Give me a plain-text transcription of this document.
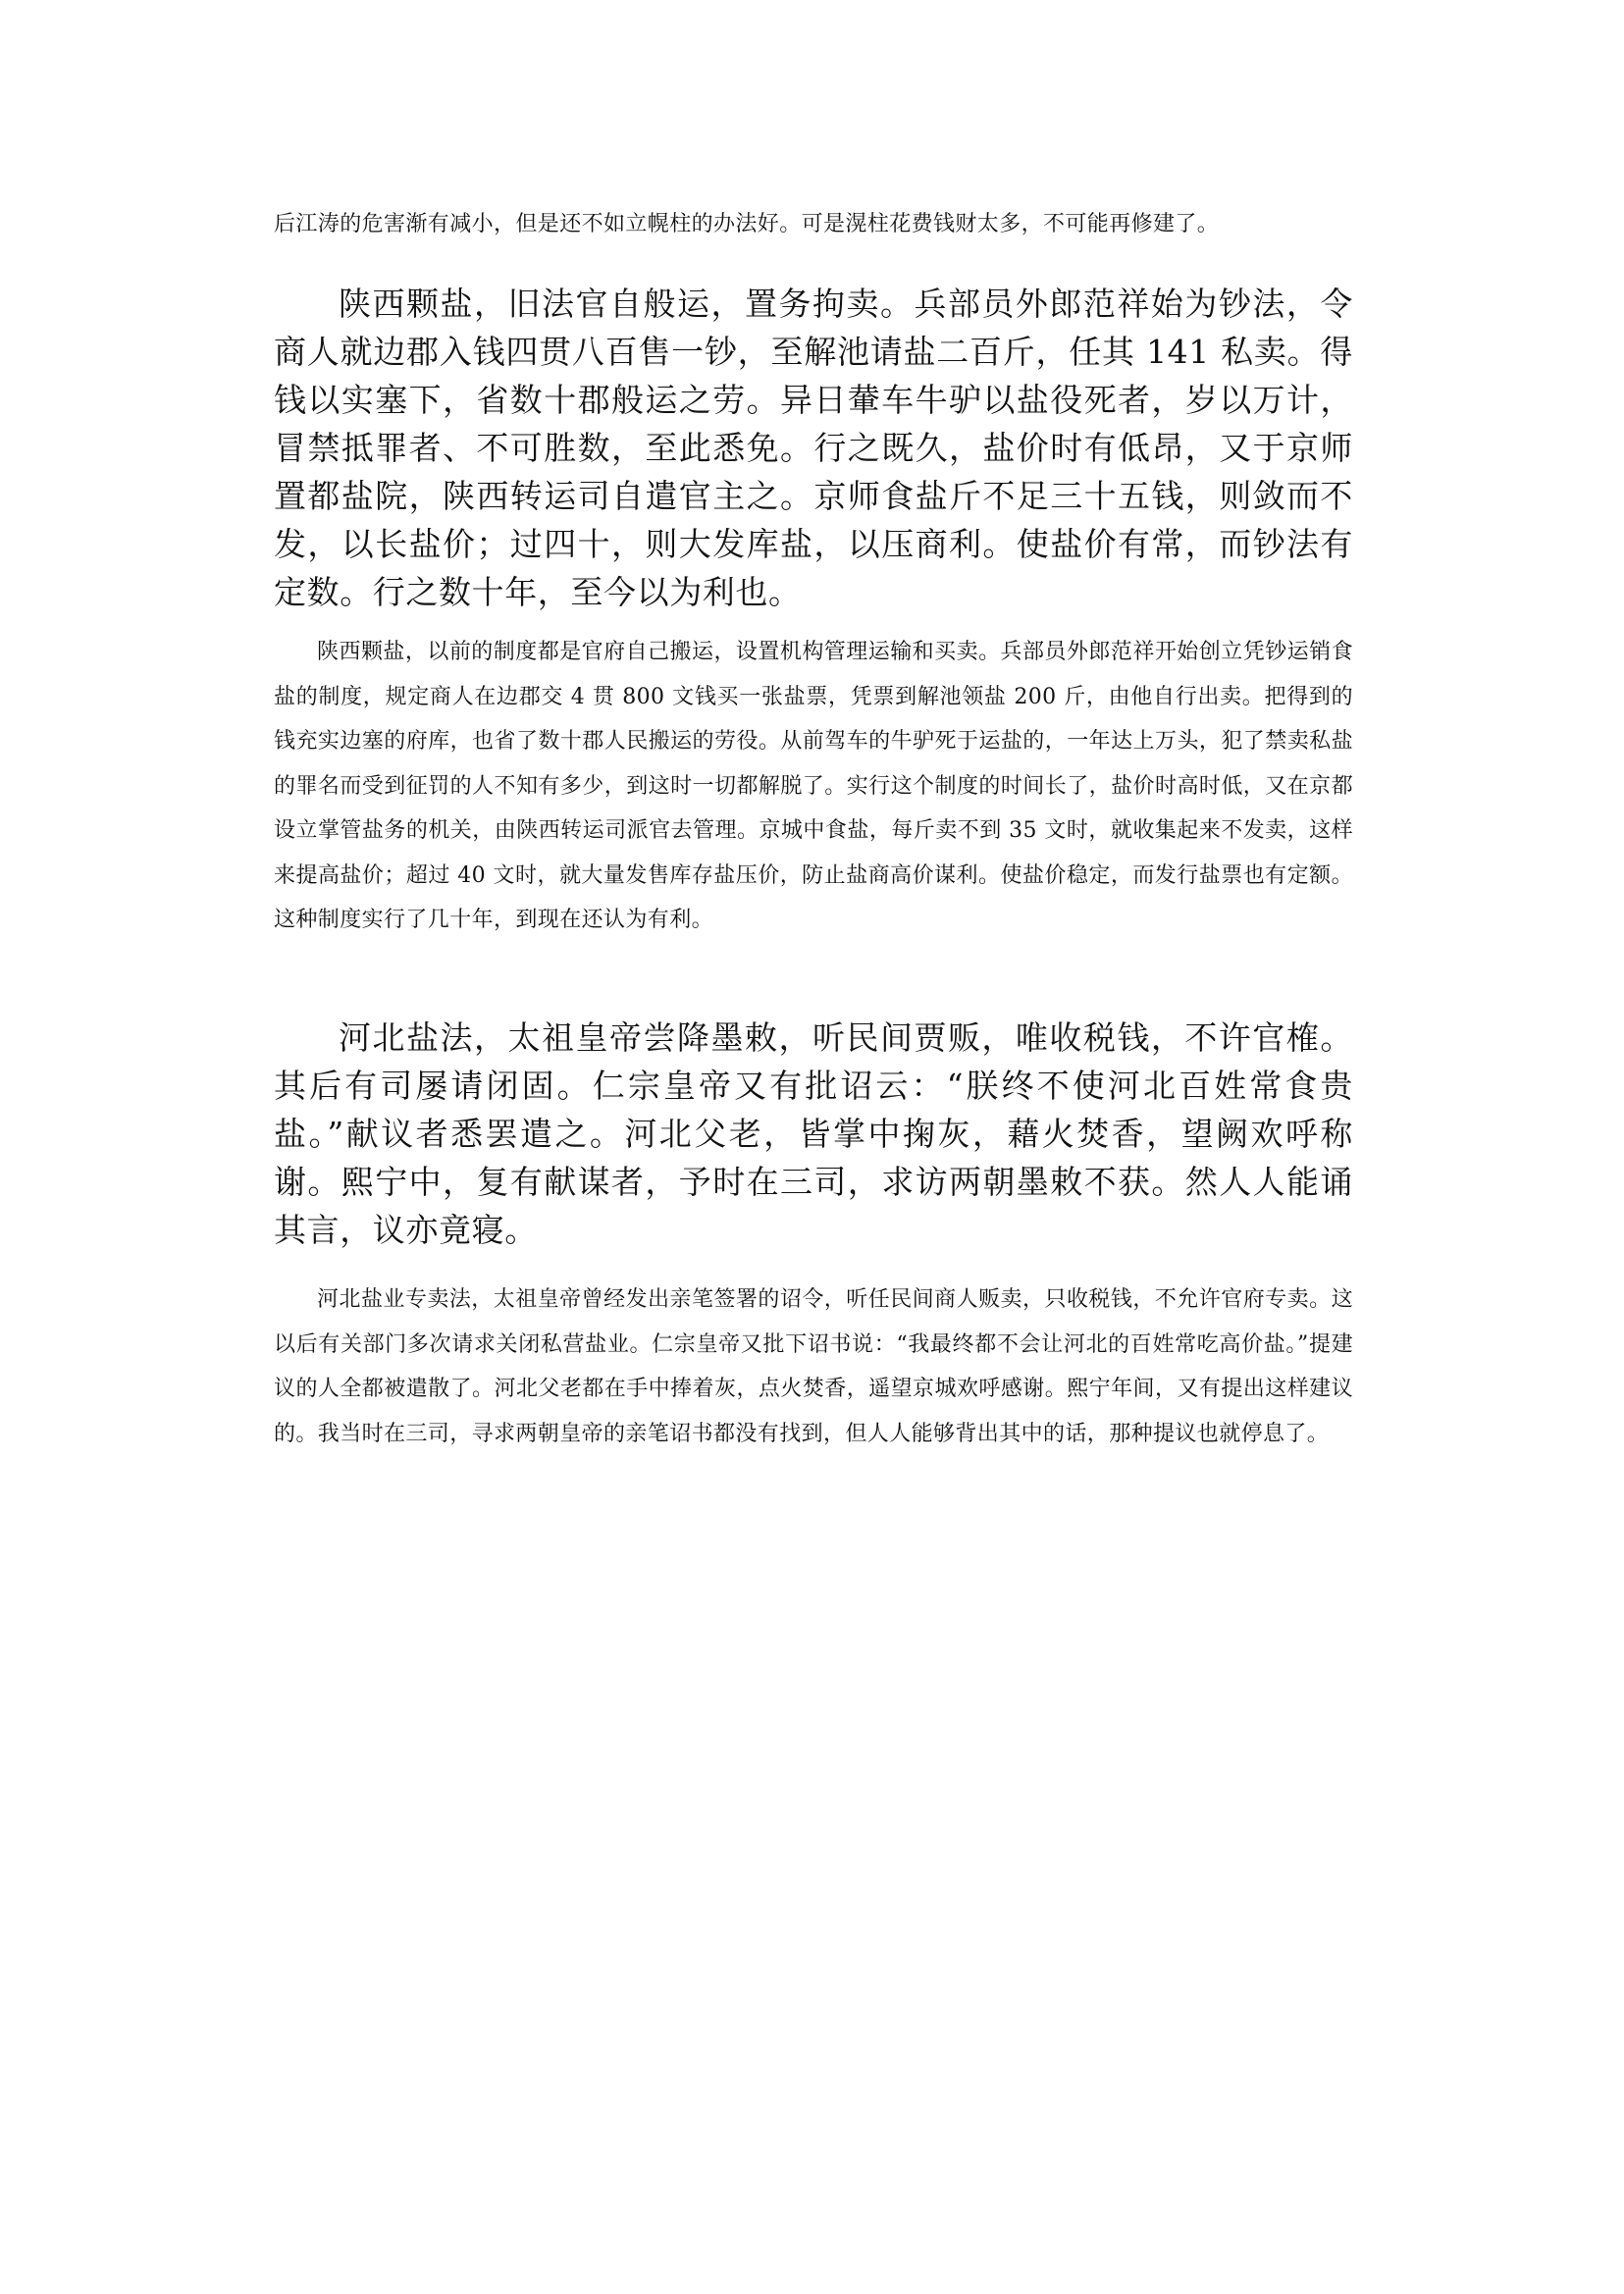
后江涛的危害渐有减小，但是还不如立幌柱的办法好。可是滉柱花费钱财太多，不可能再修建了。

陕西颗盐，旧法官自般运，置务拘卖。兵部员外郎范祥始为钞法，令商人就边郡入钱四贯八百售一钞，至解池请盐二百斤，任其 141 私卖。得钱以实塞下，省数十郡般运之劳。异日輂车牛驴以盐役死者，岁以万计，冒禁抵罪者、不可胜数，至此悉免。行之既久，盐价时有低昂，又于京师置都盐院，陕西转运司自遣官主之。京师食盐斤不足三十五钱，则敛而不发，以长盐价；过四十，则大发库盐，以压商利。使盐价有常，而钞法有定数。行之数十年，至今以为利也。

陕西颗盐，以前的制度都是官府自己搬运，设置机构管理运输和买卖。兵部员外郎范祥开始创立凭钞运销食盐的制度，规定商人在边郡交 4 贯 800 文钱买一张盐票，凭票到解池领盐 200 斤，由他自行出卖。把得到的钱充实边塞的府库，也省了数十郡人民搬运的劳役。从前驾车的牛驴死于运盐的，一年达上万头，犯了禁卖私盐的罪名而受到征罚的人不知有多少，到这时一切都解脱了。实行这个制度的时间长了，盐价时高时低，又在京都设立掌管盐务的机关，由陕西转运司派官去管理。京城中食盐，每斤卖不到 35 文时，就收集起来不发卖，这样来提高盐价；超过 40 文时，就大量发售库存盐压价，防止盐商高价谋利。使盐价稳定，而发行盐票也有定额。这种制度实行了几十年，到现在还认为有利。

河北盐法，太祖皇帝尝降墨敕，听民间贾贩，唯收税钱，不许官榷。其后有司屡请闭固。仁宗皇帝又有批诏云：“朕终不使河北百姓常食贵盐。”献议者悉罢遣之。河北父老，皆掌中掬灰，藉火焚香，望阙欢呼称谢。熙宁中，复有献谋者，予时在三司，求访两朝墨敕不获。然人人能诵其言，议亦竟寝。

河北盐业专卖法，太祖皇帝曾经发出亲笔签署的诏令，听任民间商人贩卖，只收税钱，不允许官府专卖。这以后有关部门多次请求关闭私营盐业。仁宗皇帝又批下诏书说：“我最终都不会让河北的百姓常吃高价盐。”提建议的人全都被遣散了。河北父老都在手中捧着灰，点火焚香，遥望京城欢呼感谢。熙宁年间，又有提出这样建议的。我当时在三司，寻求两朝皇帝的亲笔诏书都没有找到，但人人能够背出其中的话，那种提议也就停息了。
